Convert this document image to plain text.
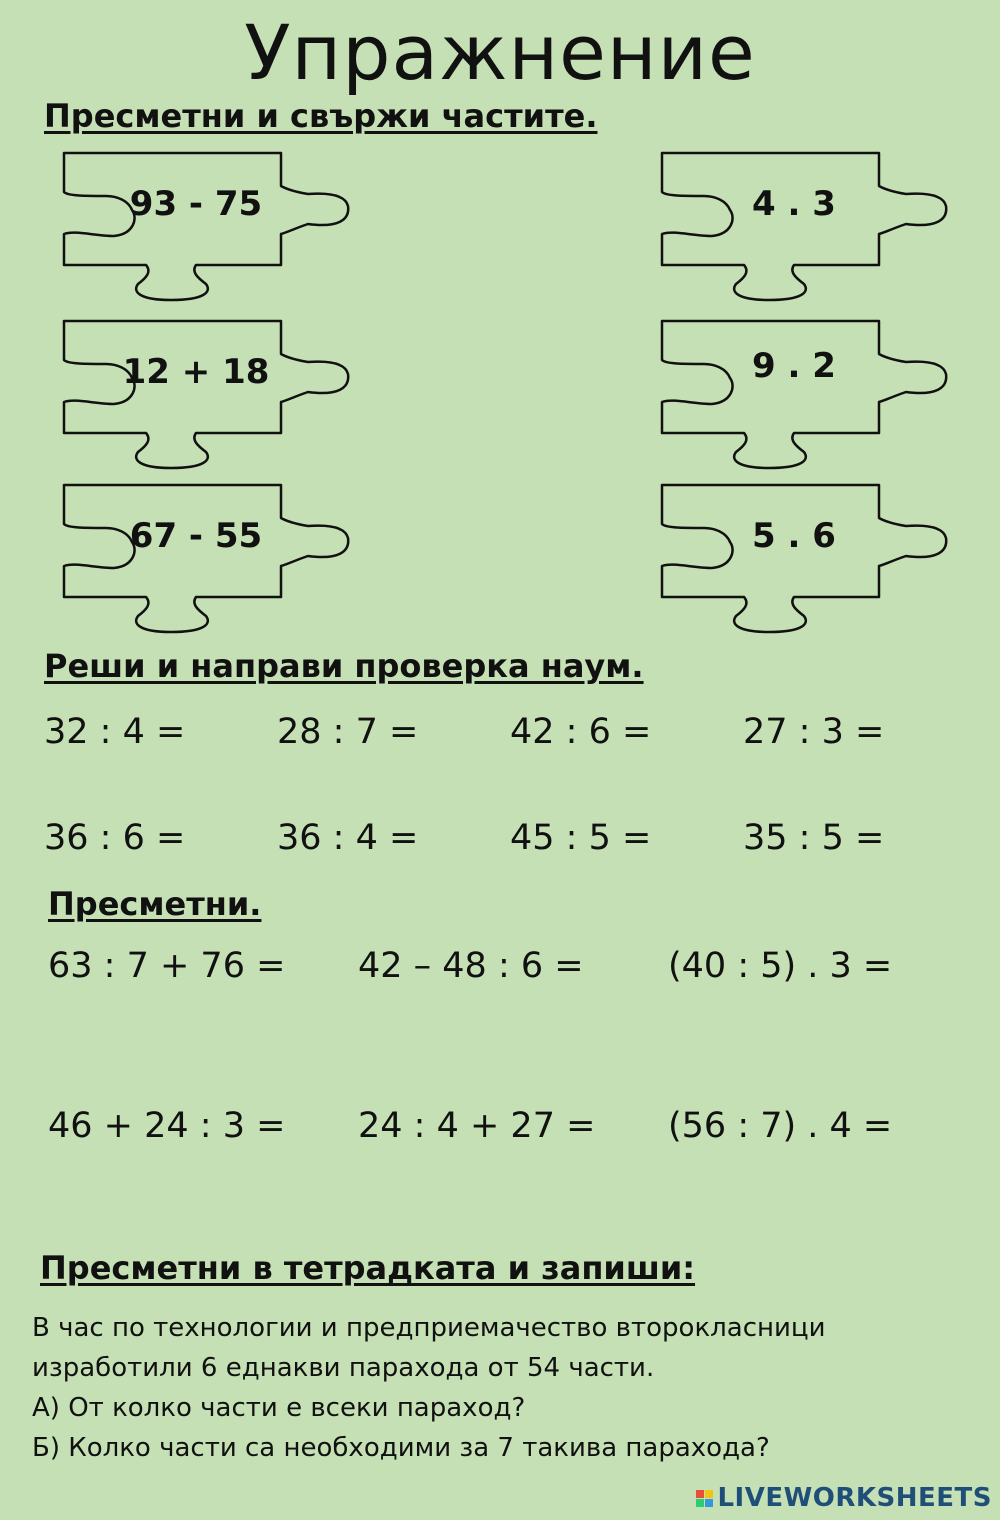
Упражнение
Пресметни и свържи частите.
93 - 75
12 + 18
67 - 55
4 . 3
9 . 2
5 . 6
Реши и направи проверка наум.
32 : 4 =	28 : 7 =	42 : 6 =	27 : 3 =
36 : 6 =	36 : 4 =	45 : 5 =	35 : 5 =
Пресметни.
63 : 7 + 76 = 42 – 48 : 6 = (40 : 5) . 3 =
46 + 24 : 3 = 24 : 4 + 27 = (56 : 7) . 4 =
Пресметни в тетрадката и запиши:
В час по технологии и предприемачество второкласници
изработили 6 еднакви парахода от 54 части.
А) От колко части е всеки параход?
Б) Колко части са необходими за 7 такива парахода?
LIVEWORKSHEETS
